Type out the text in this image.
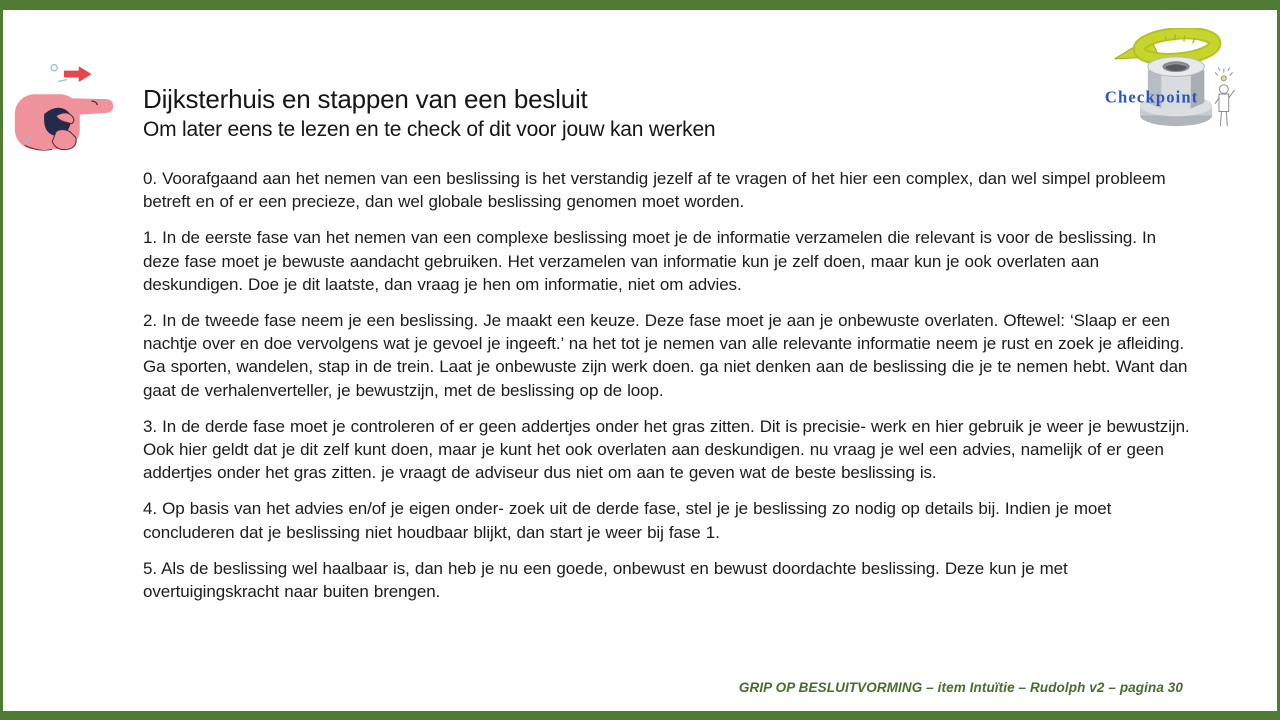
Checkpoint
Dijksterhuis en stappen van een besluit
Om later eens te lezen en te check of dit voor jouw kan werken

0. Voorafgaand aan het nemen van een beslissing is het verstandig jezelf af te vragen of het hier een complex, dan wel simpel probleem betreft en of er een precieze, dan wel globale beslissing genomen moet worden.

1. In de eerste fase van het nemen van een complexe beslissing moet je de informatie verzamelen die relevant is voor de beslissing. In deze fase moet je bewuste aandacht gebruiken. Het verzamelen van informatie kun je zelf doen, maar kun je ook overlaten aan deskundigen. Doe je dit laatste, dan vraag je hen om informatie, niet om advies.

2. In de tweede fase neem je een beslissing. Je maakt een keuze. Deze fase moet je aan je onbewuste overlaten. Oftewel: ‘Slaap er een nachtje over en doe vervolgens wat je gevoel je ingeeft.’ na het tot je nemen van alle relevante informatie neem je rust en zoek je afleiding. Ga sporten, wandelen, stap in de trein. Laat je onbewuste zijn werk doen. ga niet denken aan de beslissing die je te nemen hebt. Want dan gaat de verhalenverteller, je bewustzijn, met de beslissing op de loop.

3. In de derde fase moet je controleren of er geen addertjes onder het gras zitten. Dit is precisie- werk en hier gebruik je weer je bewustzijn. Ook hier geldt dat je dit zelf kunt doen, maar je kunt het ook overlaten aan deskundigen. nu vraag je wel een advies, namelijk of er geen addertjes onder het gras zitten. je vraagt de adviseur dus niet om aan te geven wat de beste beslissing is.

4. Op basis van het advies en/of je eigen onder- zoek uit de derde fase, stel je je beslissing zo nodig op details bij. Indien je moet concluderen dat je beslissing niet houdbaar blijkt, dan start je weer bij fase 1.

5. Als de beslissing wel haalbaar is, dan heb je nu een goede, onbewust en bewust doordachte beslissing. Deze kun je met overtuigingskracht naar buiten brengen.

GRIP OP BESLUITVORMING – item Intuïtie – Rudolph v2 – pagina 30
